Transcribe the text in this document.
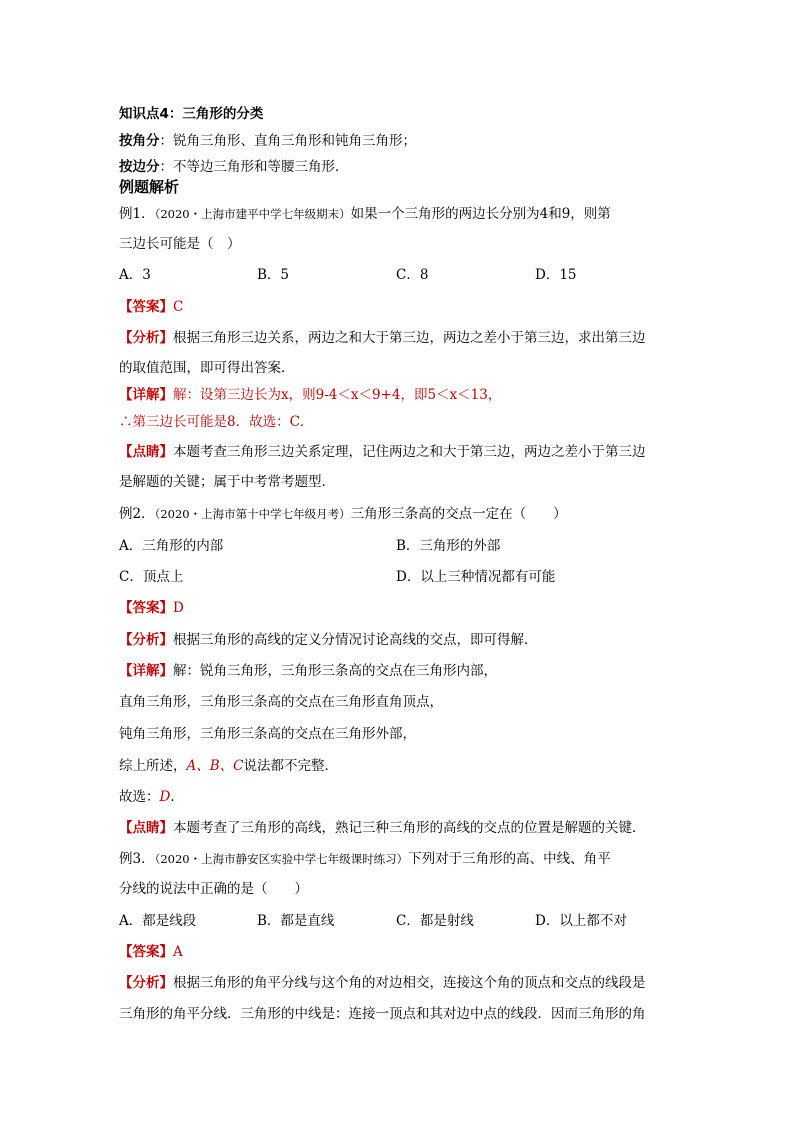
知识点4：三角形的分类
按角分：锐角三角形、直角三角形和钝角三角形；
按边分：不等边三角形和等腰三角形．
例题解析
例1．（2020・上海市建平中学七年级期末）如果一个三角形的两边长分别为4和9，则第
三边长可能是（　）
A．3	B．5	C．8	D．15
【答案】C
【分析】根据三角形三边关系，两边之和大于第三边，两边之差小于第三边，求出第三边
的取值范围，即可得出答案．
【详解】解：设第三边长为x，则9-4＜x＜9+4，即5＜x＜13，
∴第三边长可能是8．故选：C．
【点睛】本题考查三角形三边关系定理，记住两边之和大于第三边，两边之差小于第三边
是解题的关键；属于中考常考题型．
例2．（2020・上海市第十中学七年级月考）三角形三条高的交点一定在（　　）
A．三角形的内部	B．三角形的外部
C．顶点上	D．以上三种情况都有可能
【答案】D
【分析】根据三角形的高线的定义分情况讨论高线的交点，即可得解．
【详解】解：锐角三角形，三角形三条高的交点在三角形内部，
直角三角形，三角形三条高的交点在三角形直角顶点，
钝角三角形，三角形三条高的交点在三角形外部，
综上所述，A、B、C说法都不完整．
故选：D．
【点睛】本题考查了三角形的高线，熟记三种三角形的高线的交点的位置是解题的关键．
例3．（2020・上海市静安区实验中学七年级课时练习）下列对于三角形的高、中线、角平
分线的说法中正确的是（　　）
A．都是线段	B．都是直线	C．都是射线	D．以上都不对
【答案】A
【分析】根据三角形的角平分线与这个角的对边相交，连接这个角的顶点和交点的线段是
三角形的角平分线．三角形的中线是：连接一顶点和其对边中点的线段．因而三角形的角
